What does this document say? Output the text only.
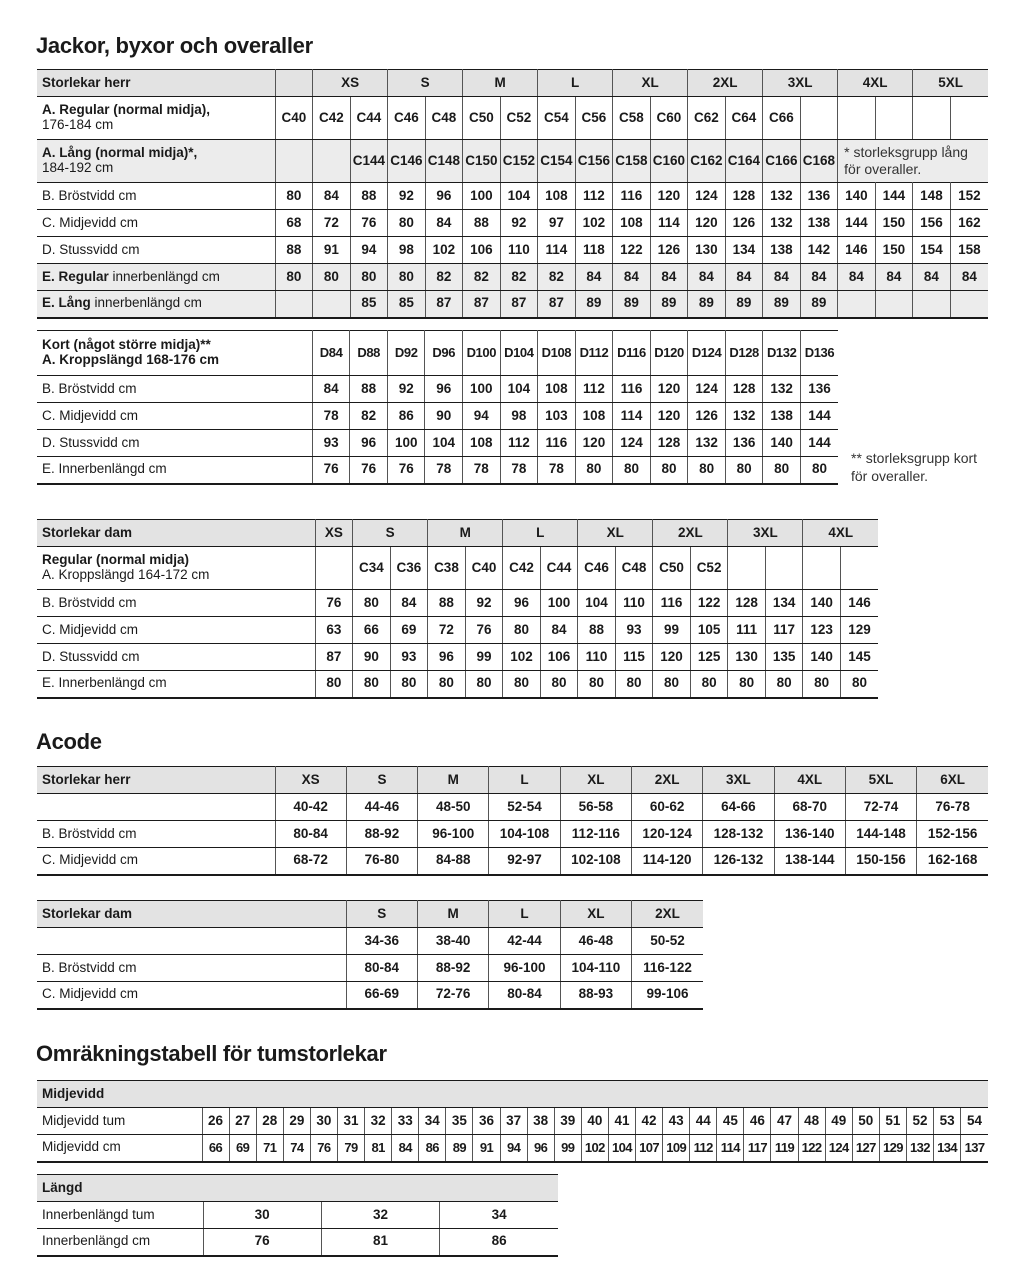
Jackor, byxor och overaller
Acode
Omräkningstabell för tumstorlekar
Storlekar herr		XS		S		M		L		XL		2XL		3XL		4XL		5XL	
A. Regular (normal midja),
176-184 cm	C40	C42	C44	C46	C48	C50	C52	C54	C56	C58	C60	C62	C64	C66					
A. Lång (normal midja)*,
184-192 cm			C144	C146	C148	C150	C152	C154	C156	C158	C160	C162	C164	C166	C168	* storleksgrupp lång för overaller.			
B. Bröstvidd cm	80	84	88	92	96	100	104	108	112	116	120	124	128	132	136	140	144	148	152
C. Midjevidd cm	68	72	76	80	84	88	92	97	102	108	114	120	126	132	138	144	150	156	162
D. Stussvidd cm	88	91	94	98	102	106	110	114	118	122	126	130	134	138	142	146	150	154	158
E. Regular innerbenlängd cm	80	80	80	80	82	82	82	82	84	84	84	84	84	84	84	84	84	84	84
E. Lång innerbenlängd cm			85	85	87	87	87	87	89	89	89	89	89	89	89				
Kort (något större midja)**
A. Kroppslängd 168-176 cm	D84	D88	D92	D96	D100	D104	D108	D112	D116	D120	D124	D128	D132	D136
B. Bröstvidd cm	84	88	92	96	100	104	108	112	116	120	124	128	132	136
C. Midjevidd cm	78	82	86	90	94	98	103	108	114	120	126	132	138	144
D. Stussvidd cm	93	96	100	104	108	112	116	120	124	128	132	136	140	144
E. Innerbenlängd cm	76	76	76	78	78	78	78	80	80	80	80	80	80	80
** storleksgrupp kort för overaller.
Storlekar dam	XS	S		M		L		XL		2XL		3XL		4XL	
Regular (normal midja)
A. Kroppslängd 164-172 cm		C34	C36	C38	C40	C42	C44	C46	C48	C50	C52				
B. Bröstvidd cm	76	80	84	88	92	96	100	104	110	116	122	128	134	140	146
C. Midjevidd cm	63	66	69	72	76	80	84	88	93	99	105	111	117	123	129
D. Stussvidd cm	87	90	93	96	99	102	106	110	115	120	125	130	135	140	145
E. Innerbenlängd cm	80	80	80	80	80	80	80	80	80	80	80	80	80	80	80
Storlekar herr	XS	S	M	L	XL	2XL	3XL	4XL	5XL	6XL
	40-42	44-46	48-50	52-54	56-58	60-62	64-66	68-70	72-74	76-78
B. Bröstvidd cm	80-84	88-92	96-100	104-108	112-116	120-124	128-132	136-140	144-148	152-156
C. Midjevidd cm	68-72	76-80	84-88	92-97	102-108	114-120	126-132	138-144	150-156	162-168
Storlekar dam	S	M	L	XL	2XL
	34-36	38-40	42-44	46-48	50-52
B. Bröstvidd cm	80-84	88-92	96-100	104-110	116-122
C. Midjevidd cm	66-69	72-76	80-84	88-93	99-106
Midjevidd																													
Midjevidd tum	26	27	28	29	30	31	32	33	34	35	36	37	38	39	40	41	42	43	44	45	46	47	48	49	50	51	52	53	54
Midjevidd cm	66	69	71	74	76	79	81	84	86	89	91	94	96	99	102	104	107	109	112	114	117	119	122	124	127	129	132	134	137
Längd			
Innerbenlängd tum	30	32	34
Innerbenlängd cm	76	81	86
